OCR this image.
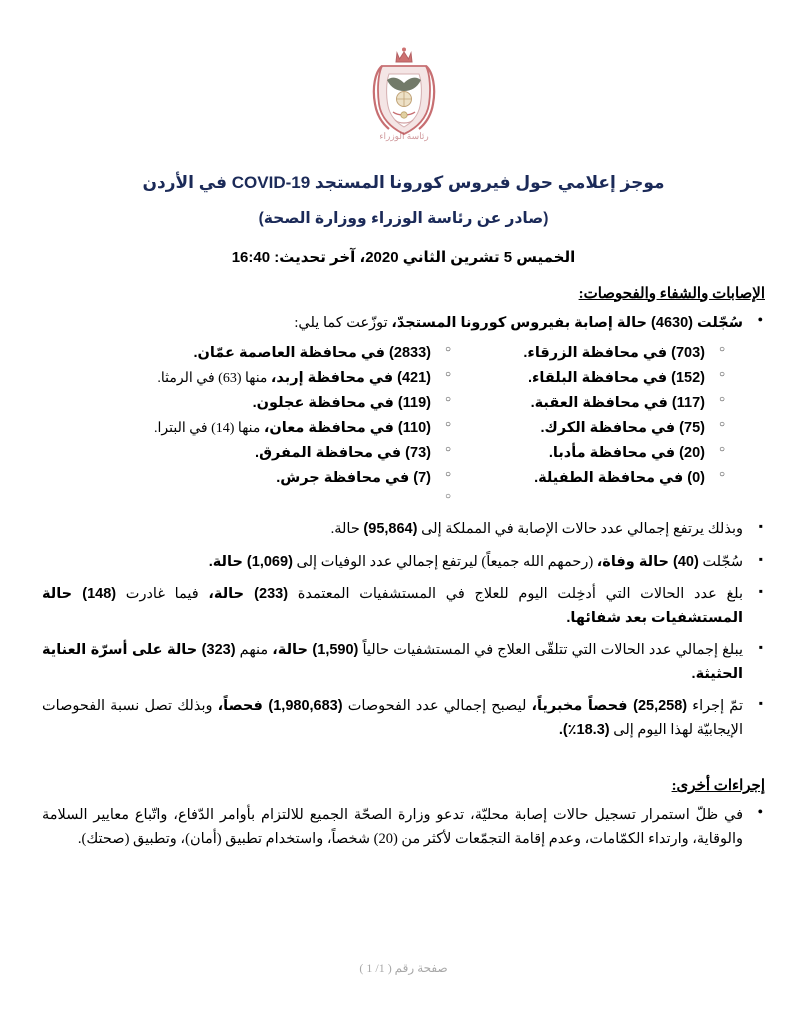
رئاسة الوزراء
موجز إعلامي حول فيروس كورونا المستجد COVID-19 في الأردن
(صادر عن رئاسة الوزراء ووزارة الصحة)
الخميس 5 تشرين الثاني 2020، آخر تحديث: 16:40
الإصابات والشفاء والفحوصات:
● سُجّلت (4630) حالة إصابة بفيروس كورونا المستجدّ، توزّعت كما يلي:
○ (703) في محافظة الزرقاء.
○ (152) في محافظة البلقاء.
○ (117) في محافظة العقبة.
○ (75) في محافظة الكرك.
○ (20) في محافظة مأدبا.
○ (0) في محافظة الطفيلة.
○ (2833) في محافظة العاصمة عمّان.
○ (421) في محافظة إربد، منها (63) في الرمثا.
○ (119) في محافظة عجلون.
○ (110) في محافظة معان، منها (14) في البترا.
○ (73) في محافظة المفرق.
○ (7) في محافظة جرش.
○
▪ وبذلك يرتفع إجمالي عدد حالات الإصابة في المملكة إلى (95,864) حالة.
▪ سُجّلت (40) حالة وفاة، (رحمهم الله جميعاً) ليرتفع إجمالي عدد الوفيات إلى (1,069) حالة.
▪ بلغ عدد الحالات التي أدخِلت اليوم للعلاج في المستشفيات المعتمدة (233) حالة، فيما غادرت (148) حالة المستشفيات بعد شفائها.
▪ يبلغ إجمالي عدد الحالات التي تتلقّى العلاج في المستشفيات حالياً (1,590) حالة، منهم (323) حالة على أسرّة العناية الحثيثة.
▪ تمّ إجراء (25,258) فحصاً مخبرياً، ليصبح إجمالي عدد الفحوصات (1,980,683) فحصاً، وبذلك تصل نسبة الفحوصات الإيجابيّة لهذا اليوم إلى (18.3٪).
إجراءات أخرى:
● في ظلّ استمرار تسجيل حالات إصابة محليّة، تدعو وزارة الصحّة الجميع للالتزام بأوامر الدّفاع، واتّباع معايير السلامة والوقاية، وارتداء الكمّامات، وعدم إقامة التجمّعات لأكثر من (20) شخصاً، واستخدام تطبيق (أمان)، وتطبيق (صحتك).
صفحة رقم ( 1/ 1 )
